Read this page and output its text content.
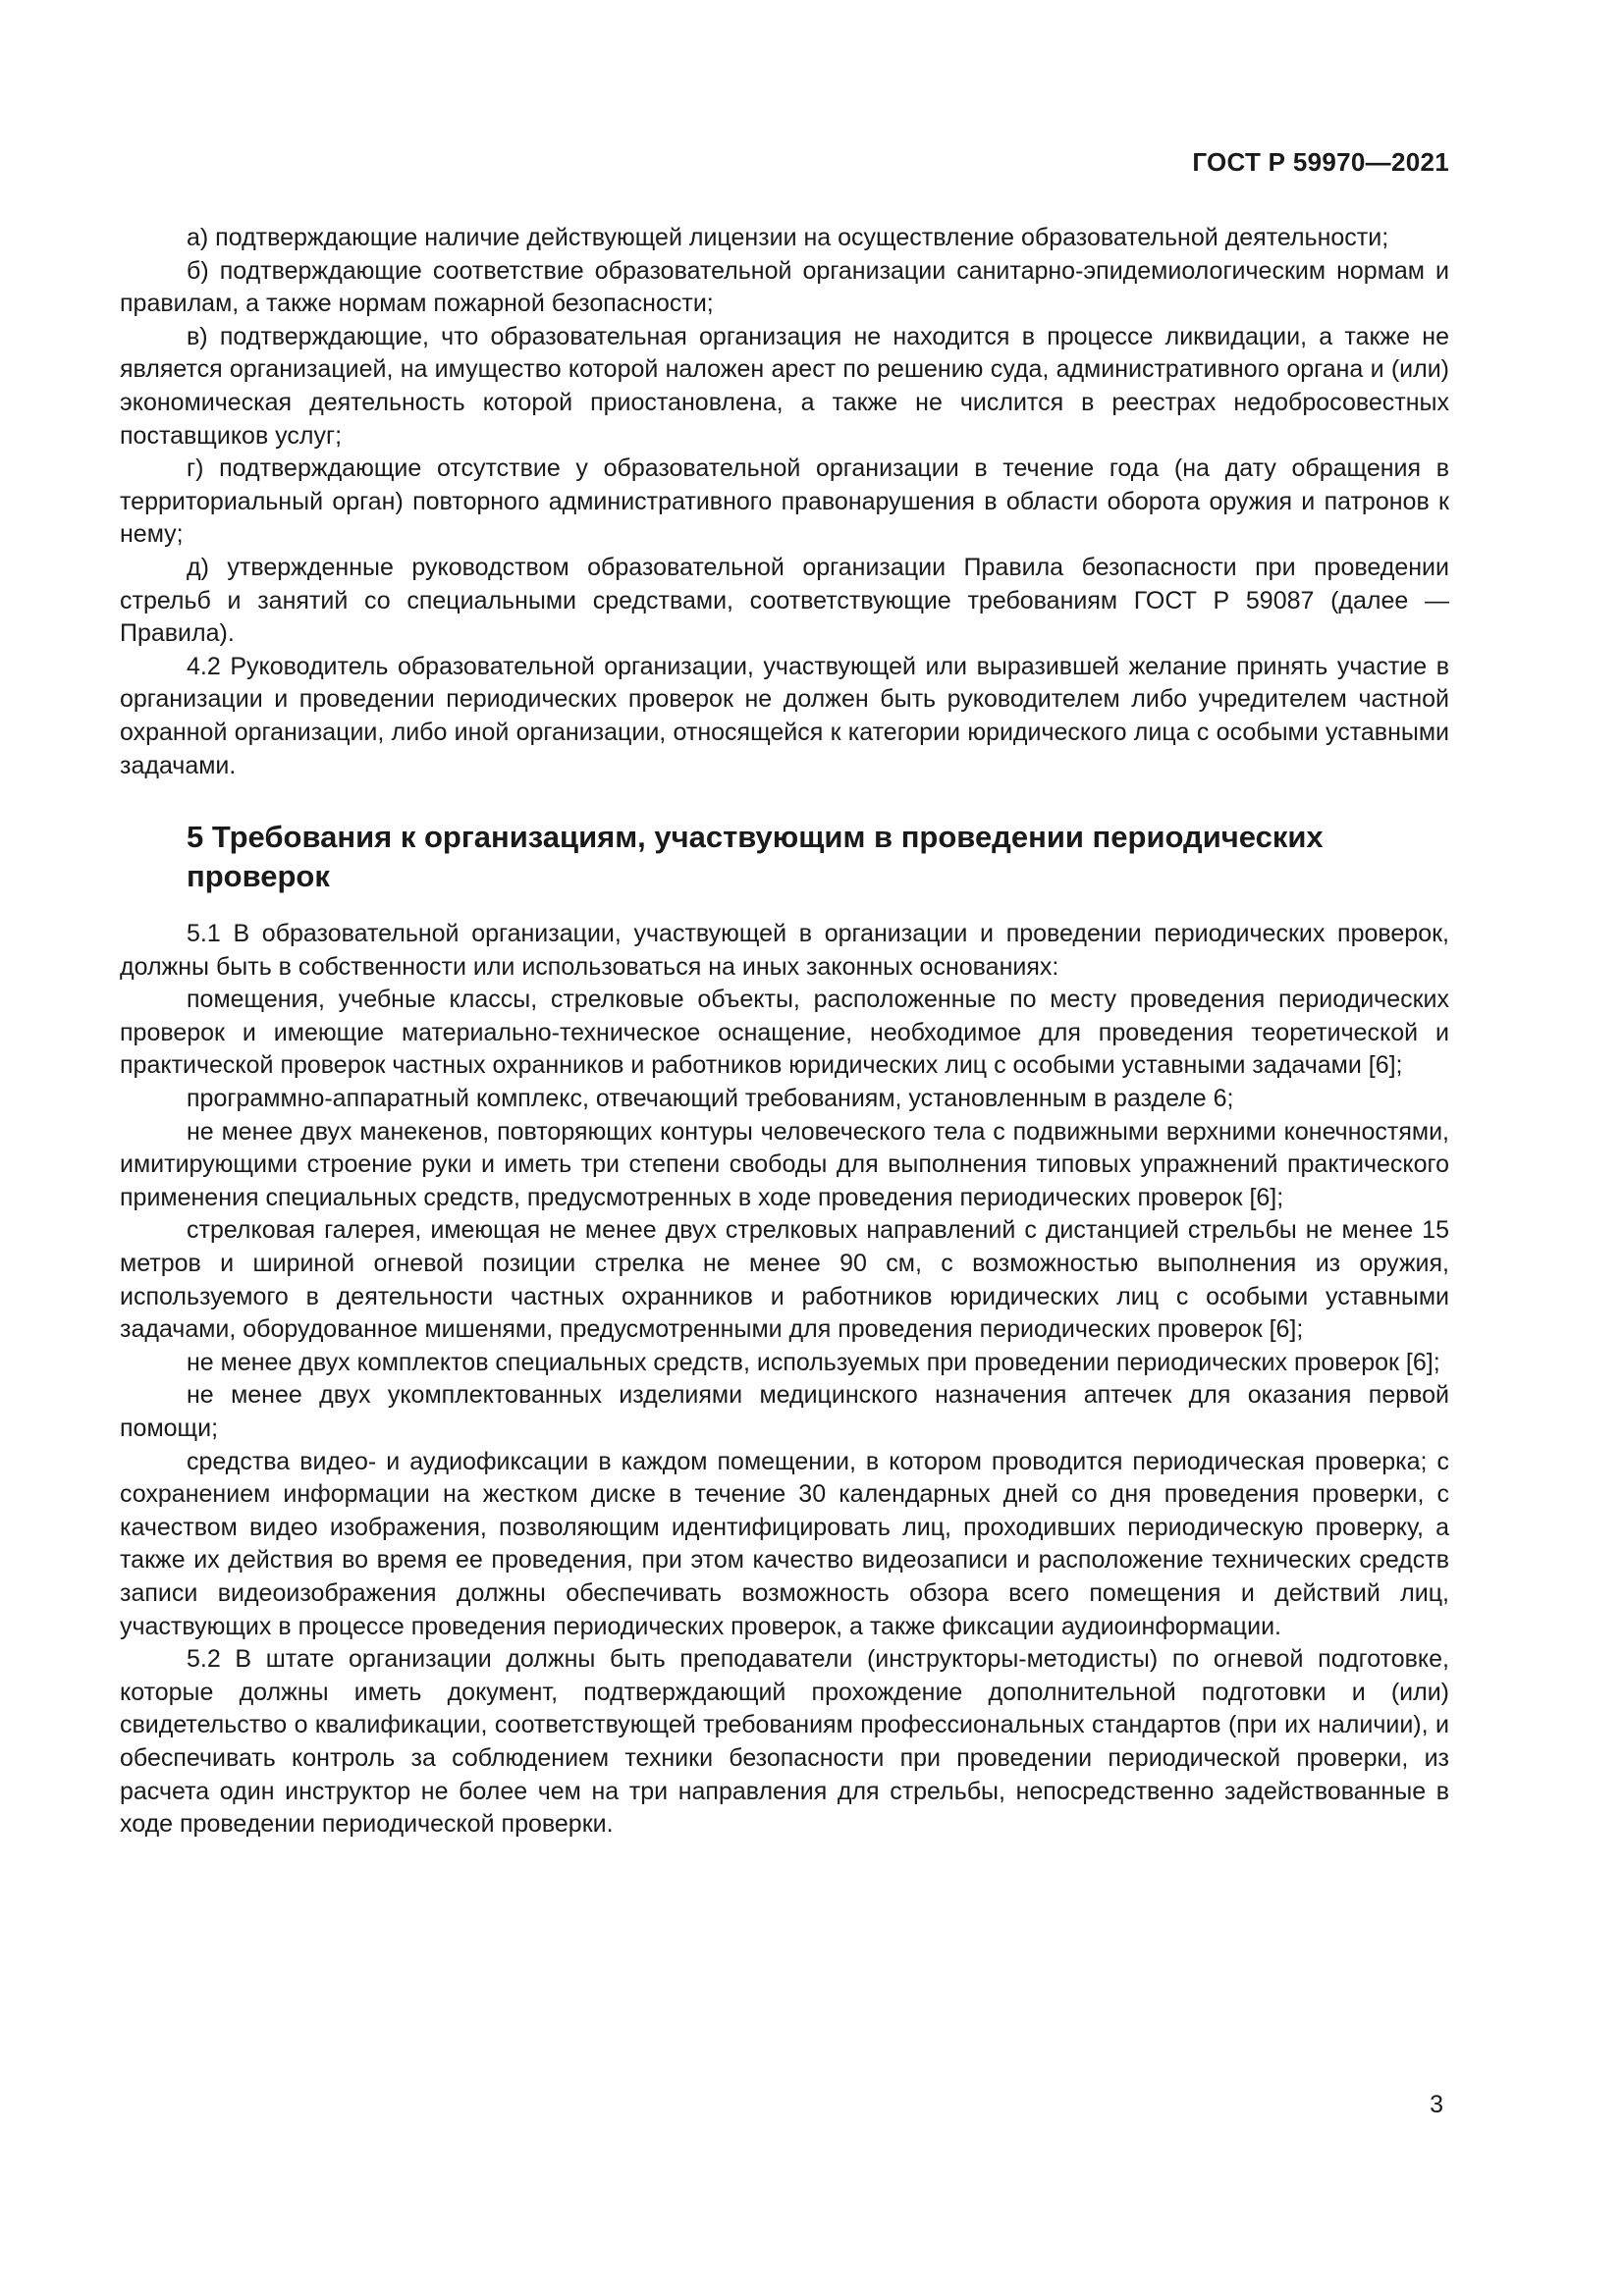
ГОСТ Р 59970—2021

а) подтверждающие наличие действующей лицензии на осуществление образовательной деятельности;

б) подтверждающие соответствие образовательной организации санитарно-эпидемиологическим нормам и правилам, а также нормам пожарной безопасности;

в) подтверждающие, что образовательная организация не находится в процессе ликвидации, а также не является организацией, на имущество которой наложен арест по решению суда, административного органа и (или) экономическая деятельность которой приостановлена, а также не числится в реестрах недобросовестных поставщиков услуг;

г) подтверждающие отсутствие у образовательной организации в течение года (на дату обращения в территориальный орган) повторного административного правонарушения в области оборота оружия и патронов к нему;

д) утвержденные руководством образовательной организации Правила безопасности при проведении стрельб и занятий со специальными средствами, соответствующие требованиям ГОСТ Р 59087 (далее — Правила).

4.2 Руководитель образовательной организации, участвующей или выразившей желание принять участие в организации и проведении периодических проверок не должен быть руководителем либо учредителем частной охранной организации, либо иной организации, относящейся к категории юридического лица с особыми уставными задачами.

5 Требования к организациям, участвующим в проведении периодических проверок

5.1 В образовательной организации, участвующей в организации и проведении периодических проверок, должны быть в собственности или использоваться на иных законных основаниях:

помещения, учебные классы, стрелковые объекты, расположенные по месту проведения периодических проверок и имеющие материально-техническое оснащение, необходимое для проведения теоретической и практической проверок частных охранников и работников юридических лиц с особыми уставными задачами [6];

программно-аппаратный комплекс, отвечающий требованиям, установленным в разделе 6;

не менее двух манекенов, повторяющих контуры человеческого тела с подвижными верхними конечностями, имитирующими строение руки и иметь три степени свободы для выполнения типовых упражнений практического применения специальных средств, предусмотренных в ходе проведения периодических проверок [6];

стрелковая галерея, имеющая не менее двух стрелковых направлений с дистанцией стрельбы не менее 15 метров и шириной огневой позиции стрелка не менее 90 см, с возможностью выполнения из оружия, используемого в деятельности частных охранников и работников юридических лиц с особыми уставными задачами, оборудованное мишенями, предусмотренными для проведения периодических проверок [6];

не менее двух комплектов специальных средств, используемых при проведении периодических проверок [6];

не менее двух укомплектованных изделиями медицинского назначения аптечек для оказания первой помощи;

средства видео- и аудиофиксации в каждом помещении, в котором проводится периодическая проверка; с сохранением информации на жестком диске в течение 30 календарных дней со дня проведения проверки, с качеством видео изображения, позволяющим идентифицировать лиц, проходивших периодическую проверку, а также их действия во время ее проведения, при этом качество видеозаписи и расположение технических средств записи видеоизображения должны обеспечивать возможность обзора всего помещения и действий лиц, участвующих в процессе проведения периодических проверок, а также фиксации аудиоинформации.

5.2 В штате организации должны быть преподаватели (инструкторы-методисты) по огневой подготовке, которые должны иметь документ, подтверждающий прохождение дополнительной подготовки и (или) свидетельство о квалификации, соответствующей требованиям профессиональных стандартов (при их наличии), и обеспечивать контроль за соблюдением техники безопасности при проведении периодической проверки, из расчета один инструктор не более чем на три направления для стрельбы, непосредственно задействованные в ходе проведении периодической проверки.

3
